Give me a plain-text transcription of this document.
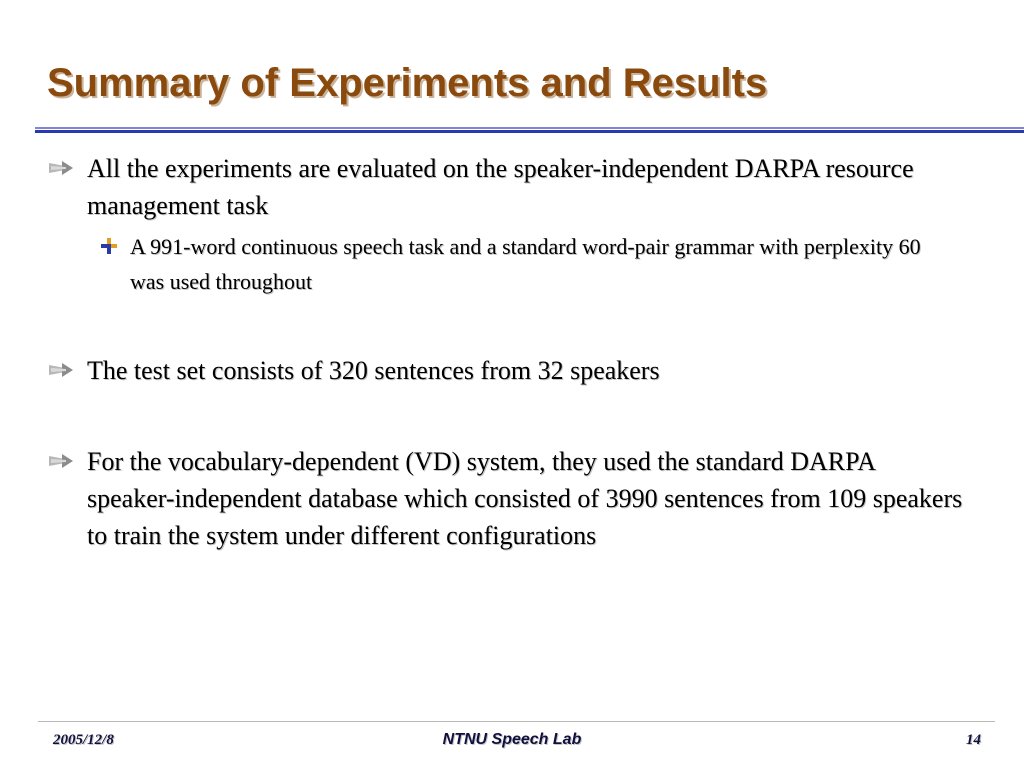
Summary of Experiments and Results

All the experiments are evaluated on the speaker-independent DARPA resource management task

A 991-word continuous speech task and a standard word-pair grammar with perplexity 60 was used throughout

The test set consists of 320 sentences from 32 speakers

For the vocabulary-dependent (VD) system, they used the standard DARPA speaker-independent database which consisted of 3990 sentences from 109 speakers to train the system under different configurations

2005/12/8	NTNU Speech Lab	14
